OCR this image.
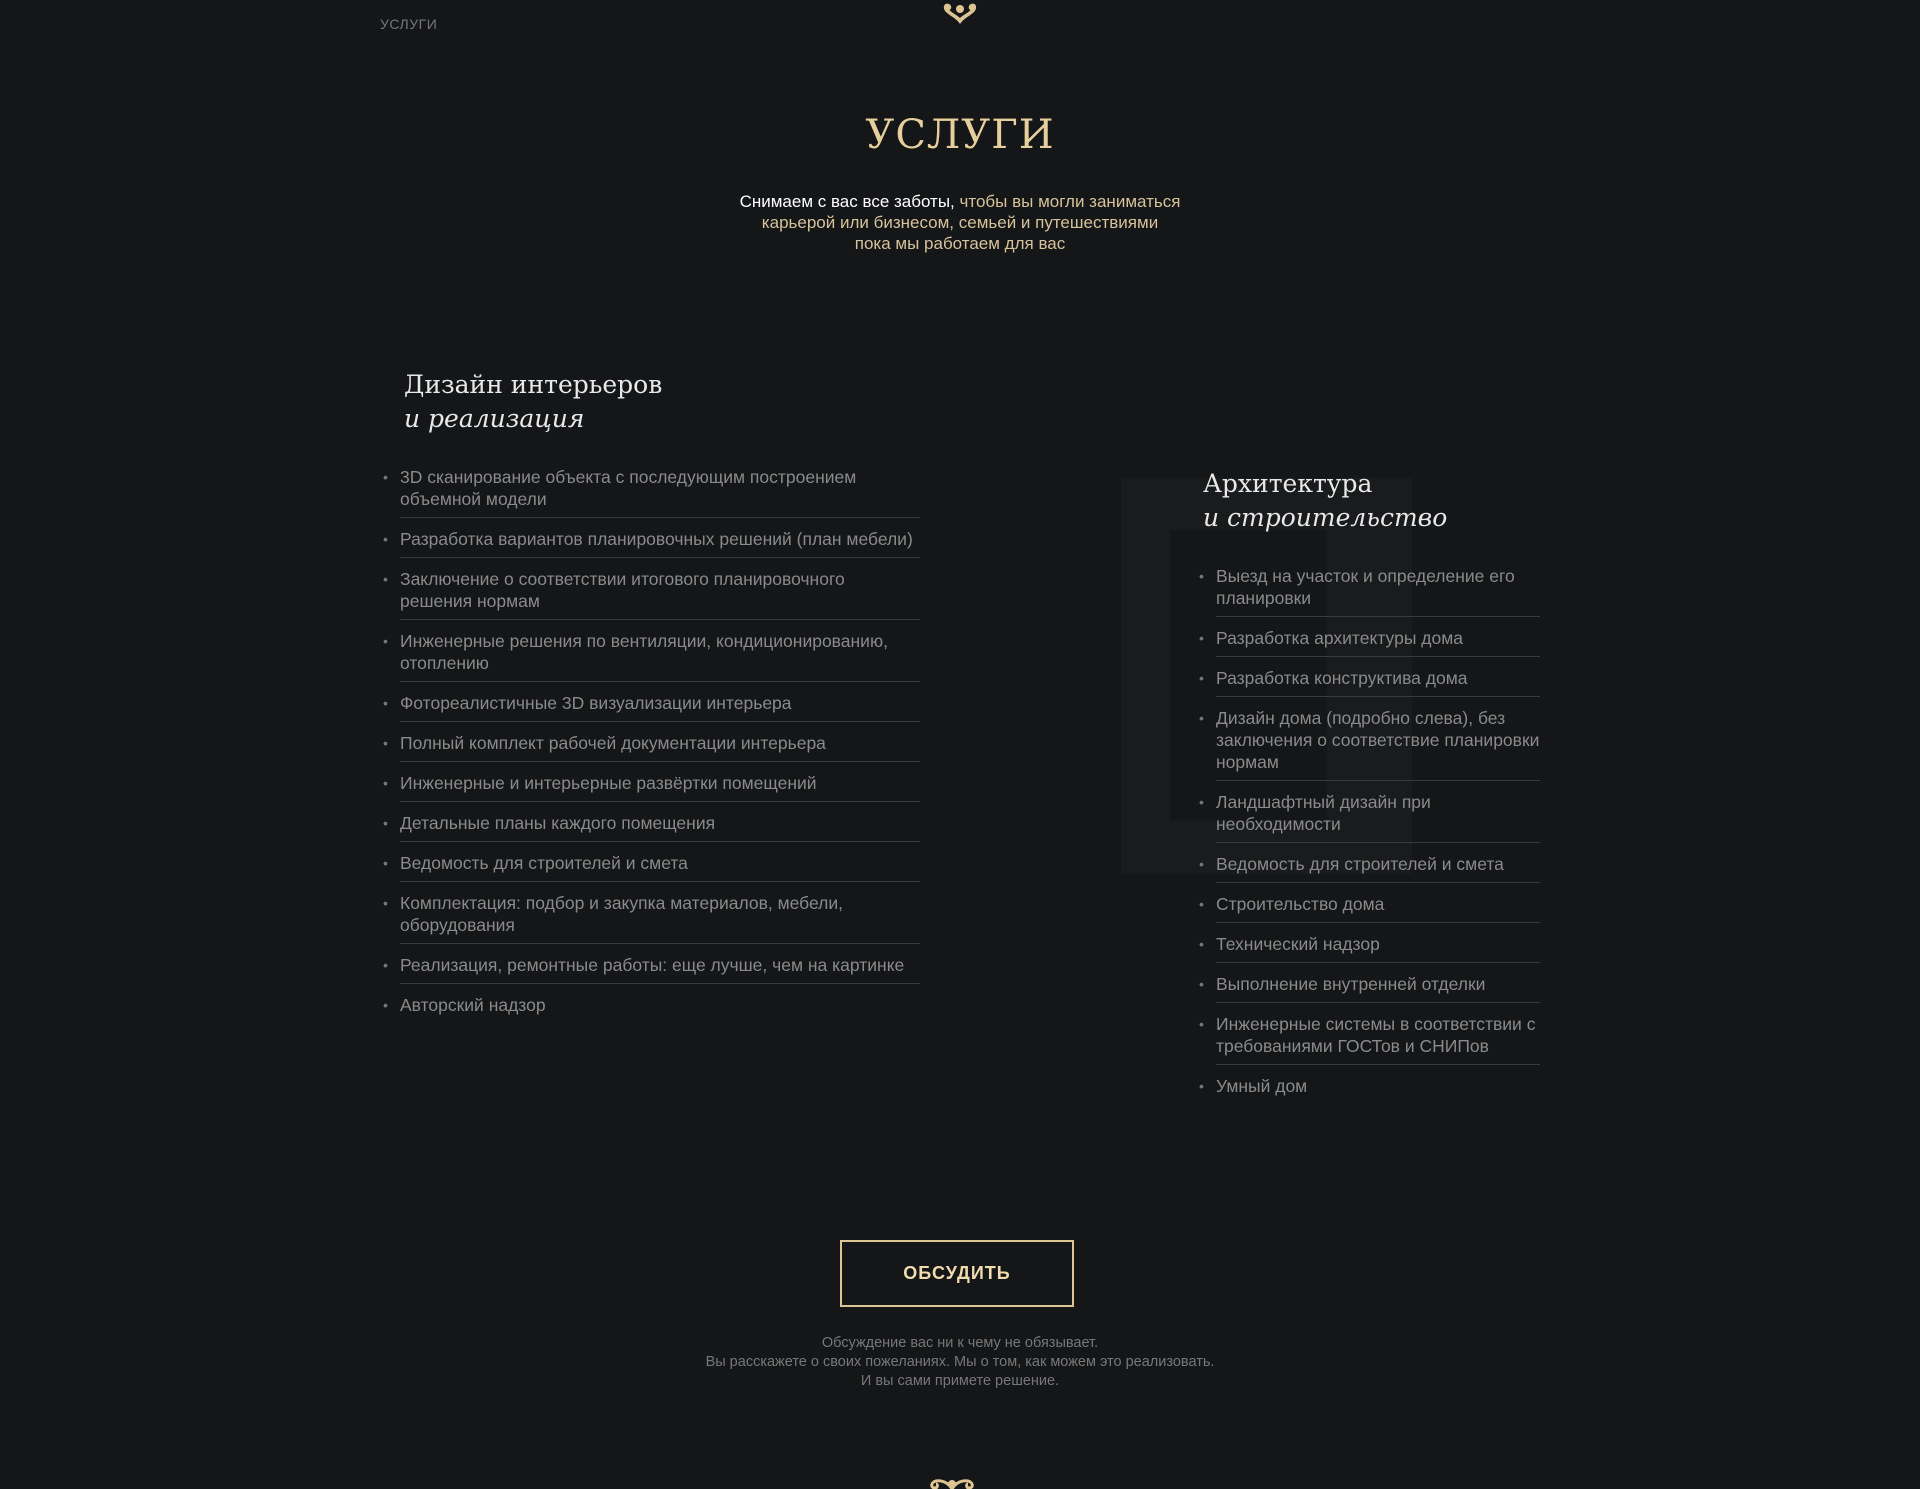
УСЛУГИ
УСЛУГИ
Снимаем с вас все заботы, чтобы вы могли заниматься
карьерой или бизнесом, семьей и путешествиями
пока мы работаем для вас
Дизайн интерьеров
и реализация
• 3D сканирование объекта с последующим построением объемной модели
• Разработка вариантов планировочных решений (план мебели)
• Заключение о соответствии итогового планировочного решения нормам
• Инженерные решения по вентиляции, кондиционированию, отоплению
• Фотореалистичные 3D визуализации интерьера
• Полный комплект рабочей документации интерьера
• Инженерные и интерьерные развёртки помещений
• Детальные планы каждого помещения
• Ведомость для строителей и смета
• Комплектация: подбор и закупка материалов, мебели, оборудования
• Реализация, ремонтные работы: еще лучше, чем на картинке
• Авторский надзор
Архитектура
и строительство
• Выезд на участок и определение его планировки
• Разработка архитектуры дома
• Разработка конструктива дома
• Дизайн дома (подробно слева), без заключения о соответствие планировки нормам
• Ландшафтный дизайн при необходимости
• Ведомость для строителей и смета
• Строительство дома
• Технический надзор
• Выполнение внутренней отделки
• Инженерные системы в соответствии с требованиями ГОСТов и СНИПов
• Умный дом
ОБСУДИТЬ
Обсуждение вас ни к чему не обязывает.
Вы расскажете о своих пожеланиях. Мы о том, как можем это реализовать.
И вы сами примете решение.
